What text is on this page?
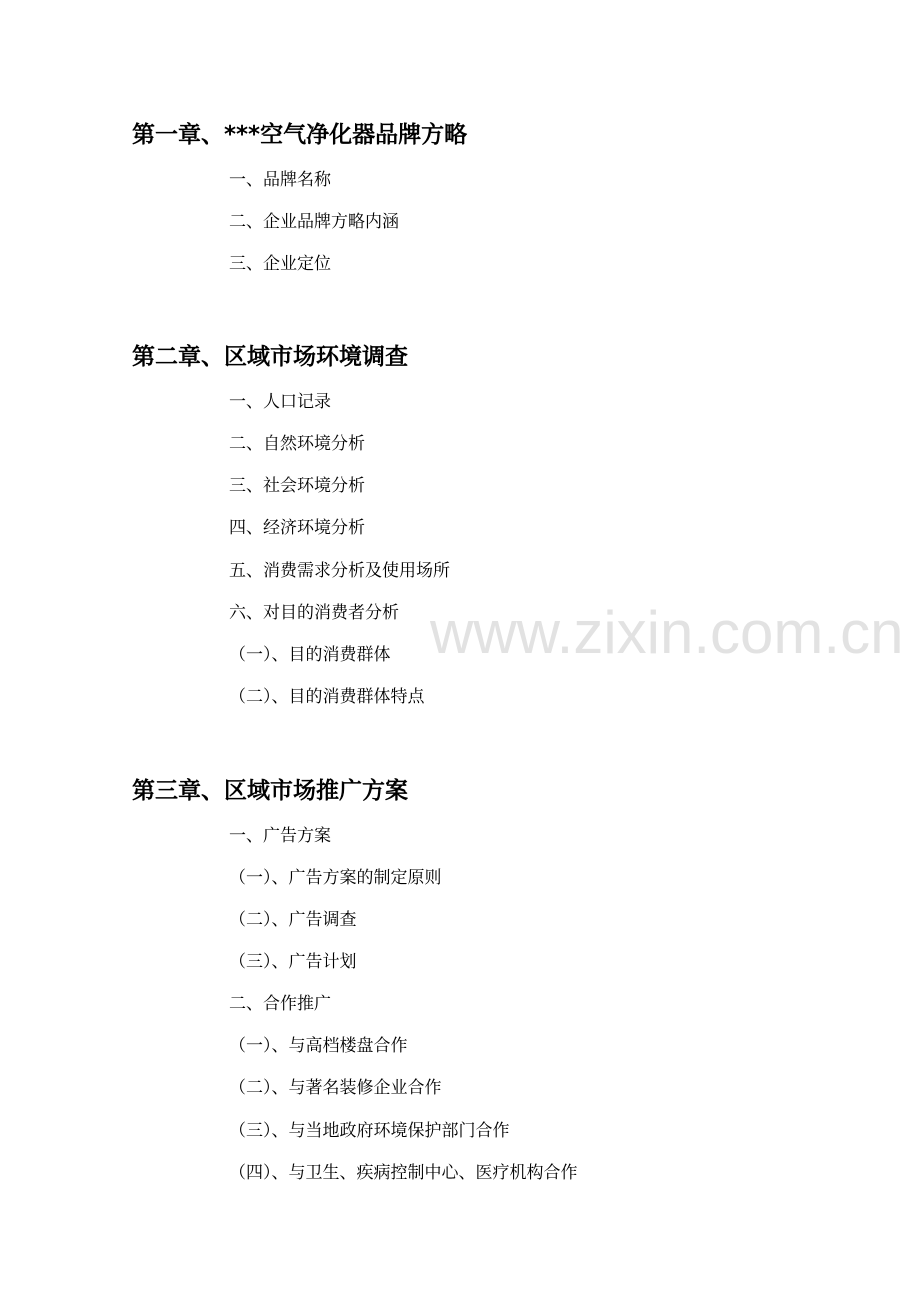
www.zixin.com.cn
第一章、***空气净化器品牌方略
一、品牌名称
二、企业品牌方略内涵
三、企业定位
第二章、区域市场环境调查
一、人口记录
二、自然环境分析
三、社会环境分析
四、经济环境分析
五、消费需求分析及使用场所
六、对目的消费者分析
（一）、目的消费群体
（二）、目的消费群体特点
第三章、区域市场推广方案
一、广告方案
（一）、广告方案的制定原则
（二）、广告调查
（三）、广告计划
二、合作推广
（一）、与高档楼盘合作
（二）、与著名装修企业合作
（三）、与当地政府环境保护部门合作
（四）、与卫生、疾病控制中心、医疗机构合作
